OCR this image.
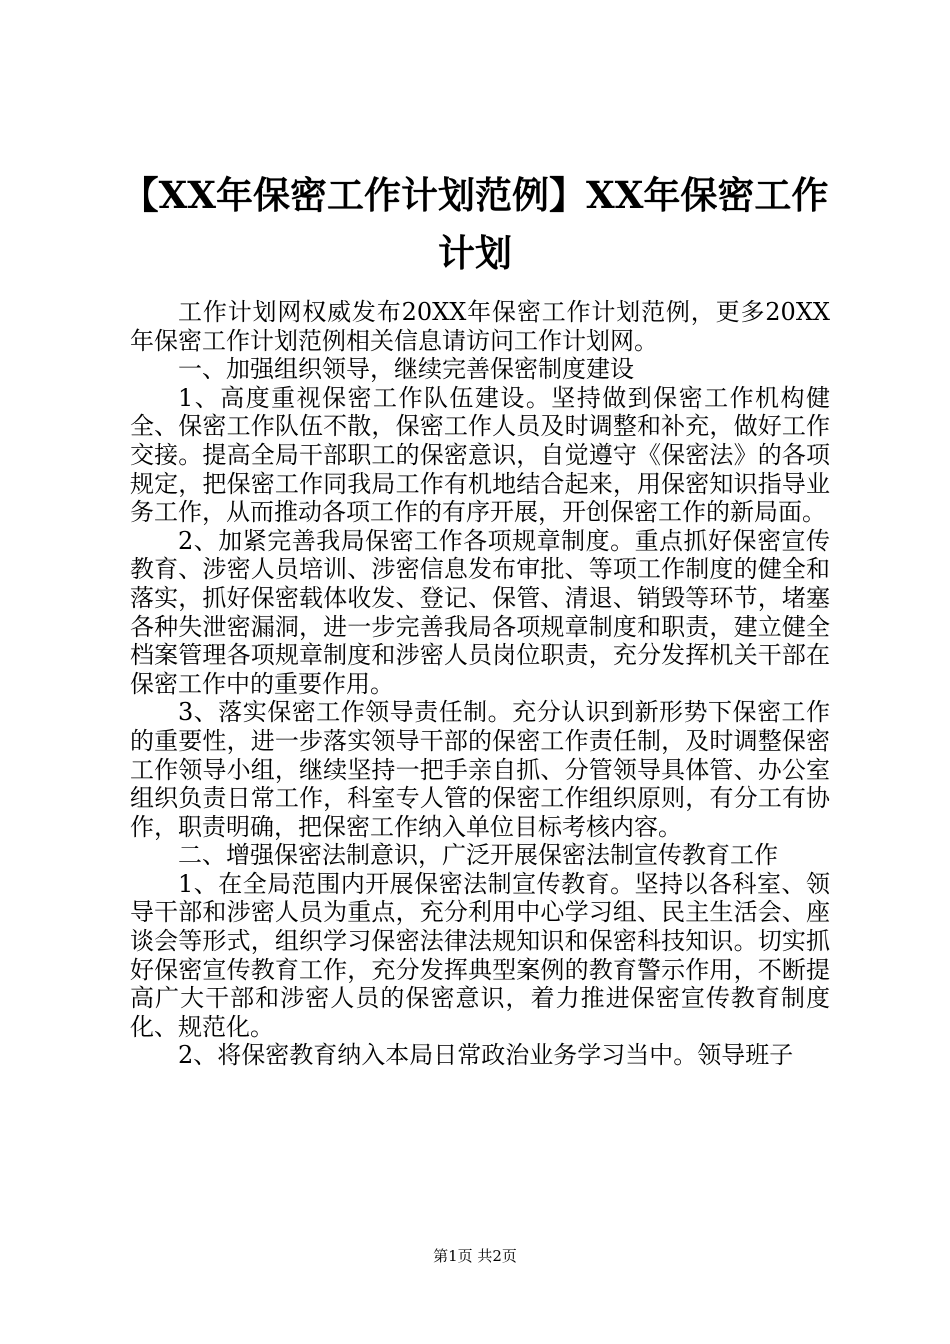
【XX年保密工作计划范例】XX年保密工作计划

工作计划网权威发布20XX年保密工作计划范例，更多20XX年保密工作计划范例相关信息请访问工作计划网。

一、加强组织领导，继续完善保密制度建设

1、高度重视保密工作队伍建设。坚持做到保密工作机构健全、保密工作队伍不散，保密工作人员及时调整和补充，做好工作交接。提高全局干部职工的保密意识，自觉遵守《保密法》的各项规定，把保密工作同我局工作有机地结合起来，用保密知识指导业务工作，从而推动各项工作的有序开展，开创保密工作的新局面。

2、加紧完善我局保密工作各项规章制度。重点抓好保密宣传教育、涉密人员培训、涉密信息发布审批、等项工作制度的健全和落实，抓好保密载体收发、登记、保管、清退、销毁等环节，堵塞各种失泄密漏洞，进一步完善我局各项规章制度和职责，建立健全档案管理各项规章制度和涉密人员岗位职责，充分发挥机关干部在保密工作中的重要作用。

3、落实保密工作领导责任制。充分认识到新形势下保密工作的重要性，进一步落实领导干部的保密工作责任制，及时调整保密工作领导小组，继续坚持一把手亲自抓、分管领导具体管、办公室组织负责日常工作，科室专人管的保密工作组织原则，有分工有协作，职责明确，把保密工作纳入单位目标考核内容。

二、增强保密法制意识，广泛开展保密法制宣传教育工作

1、在全局范围内开展保密法制宣传教育。坚持以各科室、领导干部和涉密人员为重点，充分利用中心学习组、民主生活会、座谈会等形式，组织学习保密法律法规知识和保密科技知识。切实抓好保密宣传教育工作，充分发挥典型案例的教育警示作用，不断提高广大干部和涉密人员的保密意识，着力推进保密宣传教育制度化、规范化。

2、将保密教育纳入本局日常政治业务学习当中。领导班子

第1页 共2页
